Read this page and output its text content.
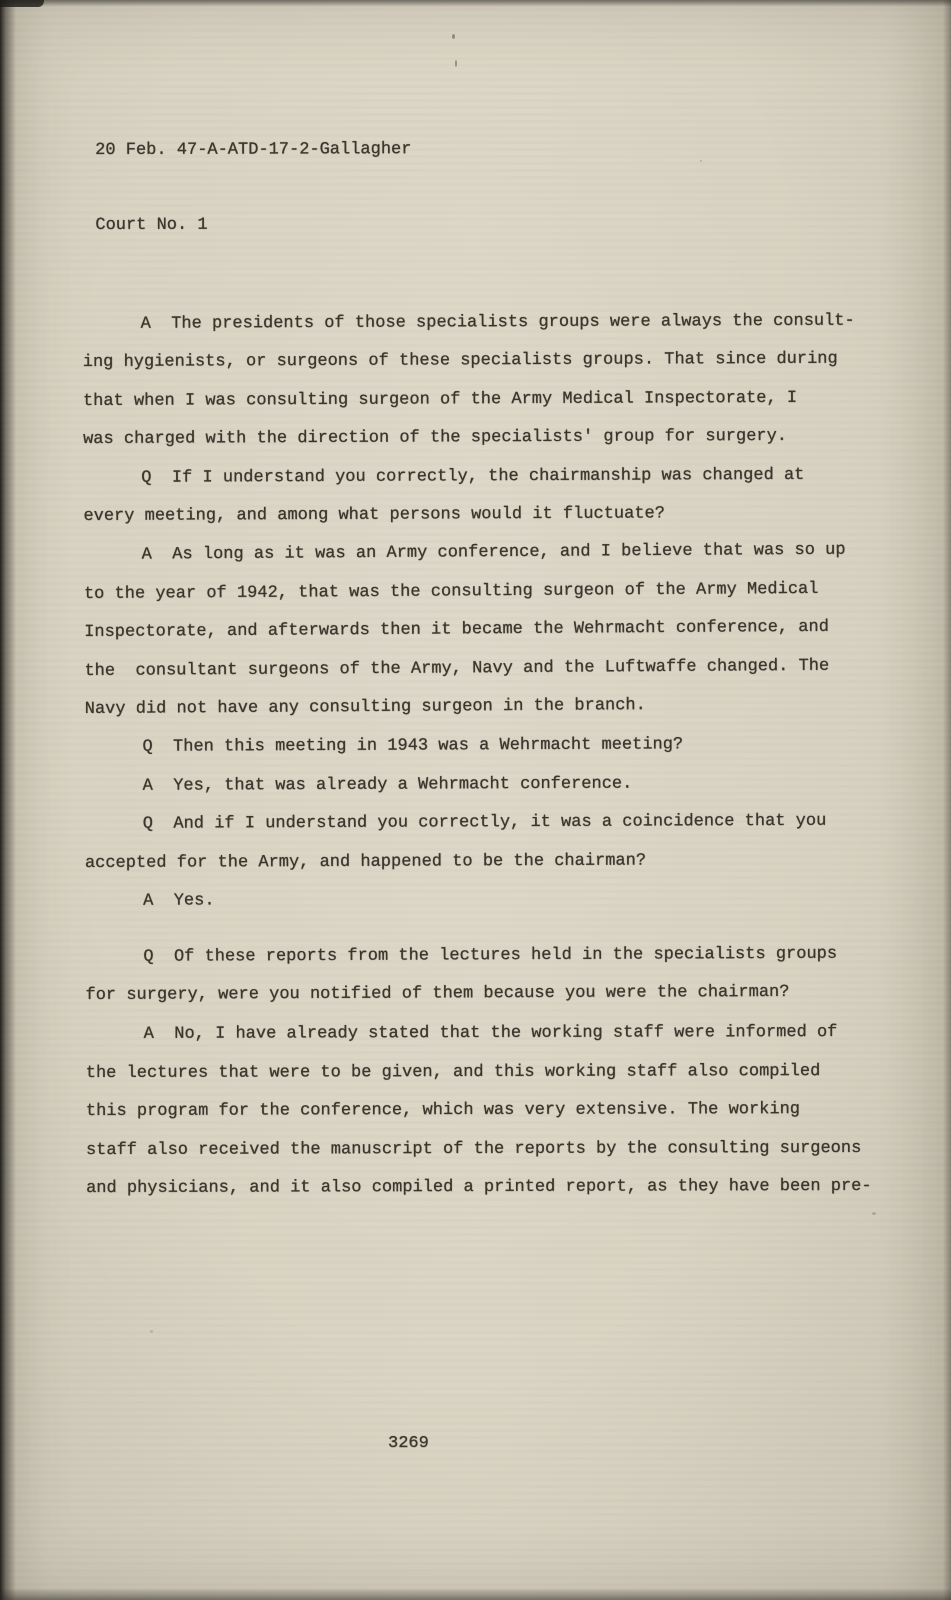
20 Feb. 47-A-ATD-17-2-Gallagher

Court No. 1

A  The presidents of those specialists groups were always the consult-
ing hygienists, or surgeons of these specialists groups. That since during
that when I was consulting surgeon of the Army Medical Inspectorate, I
was charged with the direction of the specialists' group for surgery.
Q  If I understand you correctly, the chairmanship was changed at
every meeting, and among what persons would it fluctuate?
A  As long as it was an Army conference, and I believe that was so up
to the year of 1942, that was the consulting surgeon of the Army Medical
Inspectorate, and afterwards then it became the Wehrmacht conference, and
the  consultant surgeons of the Army, Navy and the Luftwaffe changed. The
Navy did not have any consulting surgeon in the branch.
Q  Then this meeting in 1943 was a Wehrmacht meeting?
A  Yes, that was already a Wehrmacht conference.
Q  And if I understand you correctly, it was a coincidence that you
accepted for the Army, and happened to be the chairman?
A  Yes.
Q  Of these reports from the lectures held in the specialists groups
for surgery, were you notified of them because you were the chairman?
A  No, I have already stated that the working staff were informed of
the lectures that were to be given, and this working staff also compiled
this program for the conference, which was very extensive. The working
staff also received the manuscript of the reports by the consulting surgeons
and physicians, and it also compiled a printed report, as they have been pre-
3269
